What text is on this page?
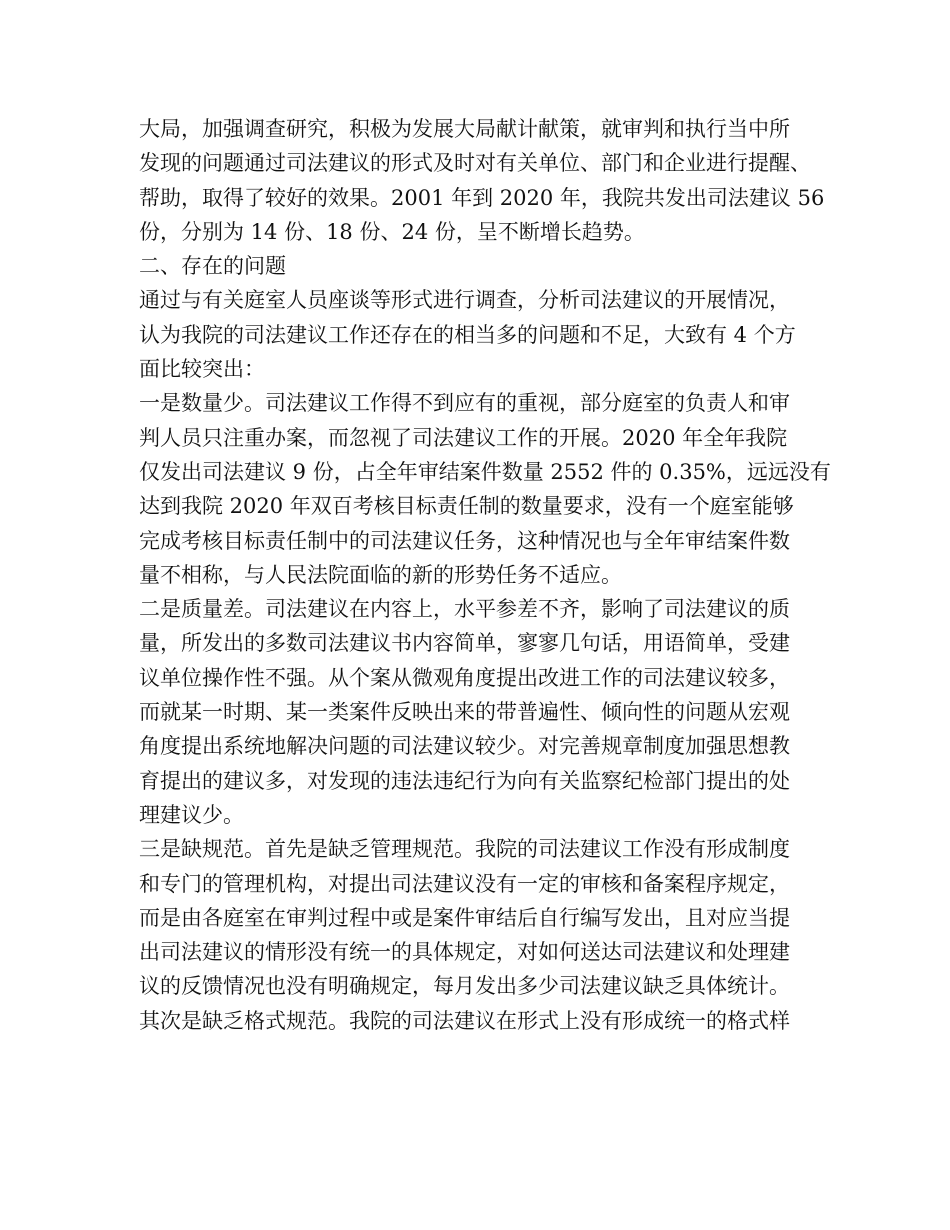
大局，加强调查研究，积极为发展大局献计献策，就审判和执行当中所
发现的问题通过司法建议的形式及时对有关单位、部门和企业进行提醒、
帮助，取得了较好的效果。2001 年到 2020 年，我院共发出司法建议 56
份，分别为 14 份、18 份、24 份，呈不断增长趋势。
二、存在的问题
通过与有关庭室人员座谈等形式进行调查，分析司法建议的开展情况，
认为我院的司法建议工作还存在的相当多的问题和不足，大致有 4 个方
面比较突出：
一是数量少。司法建议工作得不到应有的重视，部分庭室的负责人和审
判人员只注重办案，而忽视了司法建议工作的开展。2020 年全年我院
仅发出司法建议 9 份，占全年审结案件数量 2552 件的 0.35%，远远没有
达到我院 2020 年双百考核目标责任制的数量要求，没有一个庭室能够
完成考核目标责任制中的司法建议任务，这种情况也与全年审结案件数
量不相称，与人民法院面临的新的形势任务不适应。
二是质量差。司法建议在内容上，水平参差不齐，影响了司法建议的质
量，所发出的多数司法建议书内容简单，寥寥几句话，用语简单，受建
议单位操作性不强。从个案从微观角度提出改进工作的司法建议较多，
而就某一时期、某一类案件反映出来的带普遍性、倾向性的问题从宏观
角度提出系统地解决问题的司法建议较少。对完善规章制度加强思想教
育提出的建议多，对发现的违法违纪行为向有关监察纪检部门提出的处
理建议少。
三是缺规范。首先是缺乏管理规范。我院的司法建议工作没有形成制度
和专门的管理机构，对提出司法建议没有一定的审核和备案程序规定，
而是由各庭室在审判过程中或是案件审结后自行编写发出，且对应当提
出司法建议的情形没有统一的具体规定，对如何送达司法建议和处理建
议的反馈情况也没有明确规定，每月发出多少司法建议缺乏具体统计。
其次是缺乏格式规范。我院的司法建议在形式上没有形成统一的格式样
